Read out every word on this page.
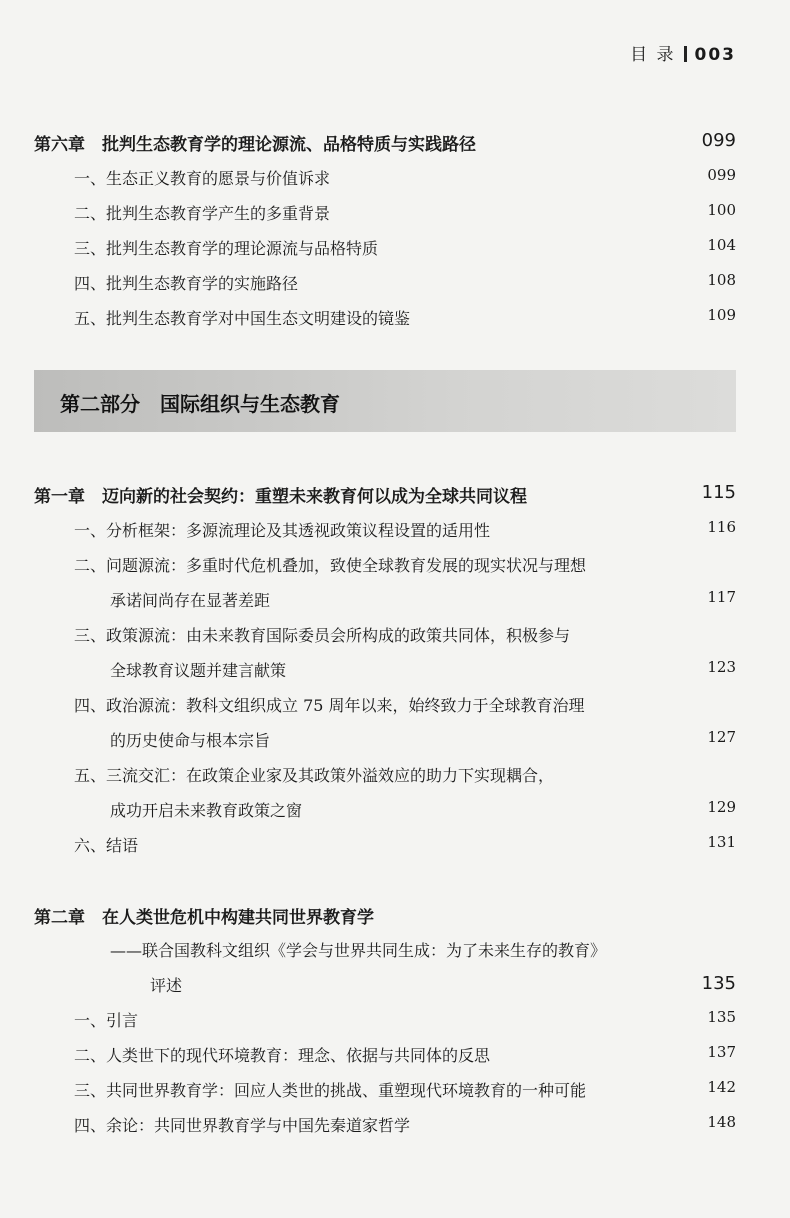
目 录 003
第六章　批判生态教育学的理论源流、品格特质与实践路径	099
一、生态正义教育的愿景与价值诉求	099
二、批判生态教育学产生的多重背景	100
三、批判生态教育学的理论源流与品格特质	104
四、批判生态教育学的实施路径	108
五、批判生态教育学对中国生态文明建设的镜鉴	109
第二部分　国际组织与生态教育
第一章　迈向新的社会契约：重塑未来教育何以成为全球共同议程	115
一、分析框架：多源流理论及其透视政策议程设置的适用性	116
二、问题源流：多重时代危机叠加，致使全球教育发展的现实状况与理想
承诺间尚存在显著差距	117
三、政策源流：由未来教育国际委员会所构成的政策共同体，积极参与
全球教育议题并建言献策	123
四、政治源流：教科文组织成立 75 周年以来，始终致力于全球教育治理
的历史使命与根本宗旨	127
五、三流交汇：在政策企业家及其政策外溢效应的助力下实现耦合，
成功开启未来教育政策之窗	129
六、结语	131
第二章　在人类世危机中构建共同世界教育学
——联合国教科文组织《学会与世界共同生成：为了未来生存的教育》
评述	135
一、引言	135
二、人类世下的现代环境教育：理念、依据与共同体的反思	137
三、共同世界教育学：回应人类世的挑战、重塑现代环境教育的一种可能	142
四、余论：共同世界教育学与中国先秦道家哲学	148
